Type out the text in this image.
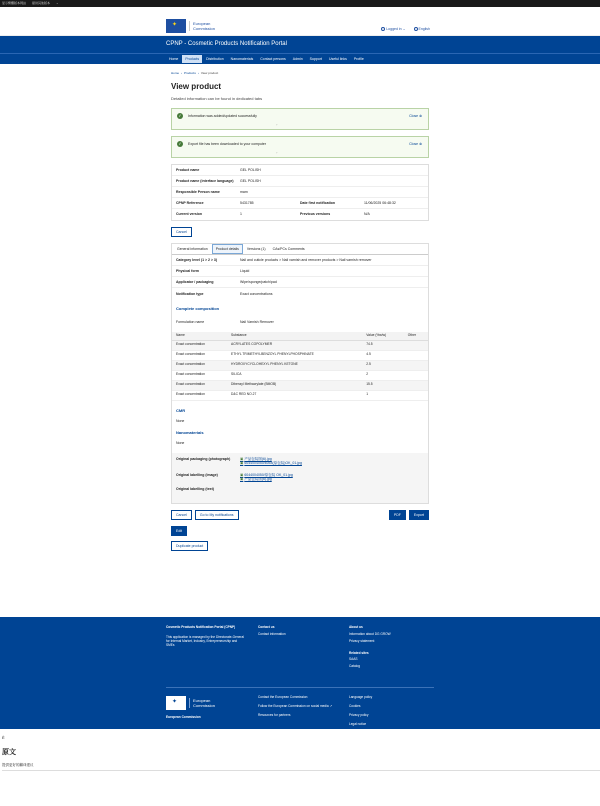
显示繁體版本网站 提供其他版本 ⌄
✦
European
Commission	Logged in ⌄	English
CPNP - Cosmetic Products Notification Portal
Home	Products	Distribution	Nanomaterials	Contact persons	Admin	Support	Useful links	Profile
Home › Products › View product
View product
Detailed information can be found in dedicated tabs
✓	Information was added/updated successfully	Close ⊗
⸝
✓	Export file has been downloaded to your computer	Close ⊗
⸝
Product name	GEL POLISH
Product name (interface language)	GEL POLISH
Responsible Person name	mam
CPNP Reference	5431785	Date first notification	11/06/2025 06:48:32
Current version	1	Previous versions	N/A
Cancel
General information	Product details	Versions (1)	CAs/PCs Comments
Category level (1 > 2 > 3)	Nail and cuticle products > Nail varnish and remover products > Nail varnish remover
Physical form	Liquid
Applicator / packaging	Wipe/sponge/patch/pad
Notification type	Exact concentrations
Complete composition
Formulation name	Nail Varnish Remover
Name	Substance	Value (%w/w)	Other
Exact concentration	ACRYLATES COPOLYMER	74.5	
Exact concentration	ETHYL TRIMETHYLBENZOYL PHENYLPHOSPHINATE	4.5	
Exact concentration	HYDROXYCYCLOHEXYL PHENYL KETONE	2.5	
Exact concentration	SILICA	2	
Exact concentration	Dibenzyl Methacrylate (BMOB)	15.5	
Exact concentration	D&C RED NO.27	1	
CMR
None
Nanomaterials
None
Original packaging (photograph)	▣ 产品包装图(6).jpg
▣ 6044004050/6054(原包装)OK_01.jpg
Original labelling (image)	▣ 6044004050/原包装 OK_01.jpg
▣ 产品包装图(6).jpg
Original labelling (text)
Cancel	Go to My notifications	PDF	Export
Edit
Duplicate product
Cosmetic Products Notification Portal (CPNP)
This application is managed by the Directorate-General for Internal Market, Industry, Entrepreneurship and SMEs
Contact us
Contact information
About us
Information about DG GROW
Privacy statement
Related sites
SAAS
Catalog
✦
European
Commission
European Commission
Contact the European Commission
Follow the European Commission on social media ↗
Resources for partners
Language policy
Cookies
Privacy policy
Legal notice
Ѐ
原文
提供更好的翻译建议
